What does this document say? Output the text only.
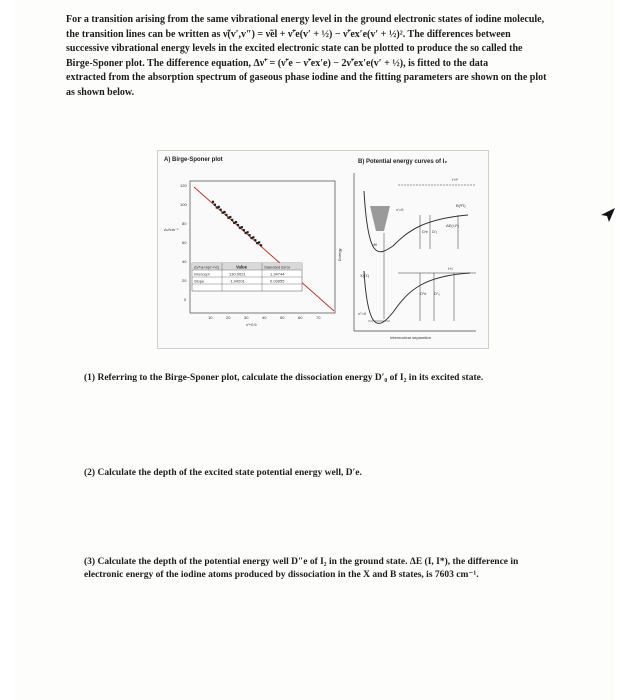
For a transition arising from the same vibrational energy level in the ground electronic states of iodine molecule,
the transition lines can be written as ν̃(v′,v″) = ν̃el + ν̃′e(v′ + ½) − ν̃′ex′e(v′ + ½)². The differences between
successive vibrational energy levels in the excited electronic state can be plotted to produce the so called the
Birge-Sponer plot. The difference equation, Δν̃′ = (ν̃′e − ν̃′ex′e) − 2ν̃′ex′e(v′ + ½), is fitted to the data
extracted from the absorption spectrum of gaseous phase iodine and the fitting parameters are shown on the plot
as shown below.
A) Birge-Sponer plot
Δν̃/cm⁻¹
v′+0.5
120
100
80
60
40
20
0
10	20	30	40	50	60	70
Δν̃=a+b(v′+½)	Value	Standard Error
Intercept	130.0021	1.34744
Slope	-1.94201	0.03955
B) Potential energy curves of I₂
Energy
Internuclear separation
I+I*
I+I
ΔE(I,I*)
v′=0
ν̃el
D′e D′₀
X(¹Σ)
D″e D″₀
v″=0
B(³Π)
(1) Referring to the Birge-Sponer plot, calculate the dissociation energy D′₀ of I₂ in its excited state.
(2) Calculate the depth of the excited state potential energy well, D′e.
(3) Calculate the depth of the potential energy well D″e of I₂ in the ground state. ΔE (I, I*), the difference in
electronic energy of the iodine atoms produced by dissociation in the X and B states, is 7603 cm⁻¹.
